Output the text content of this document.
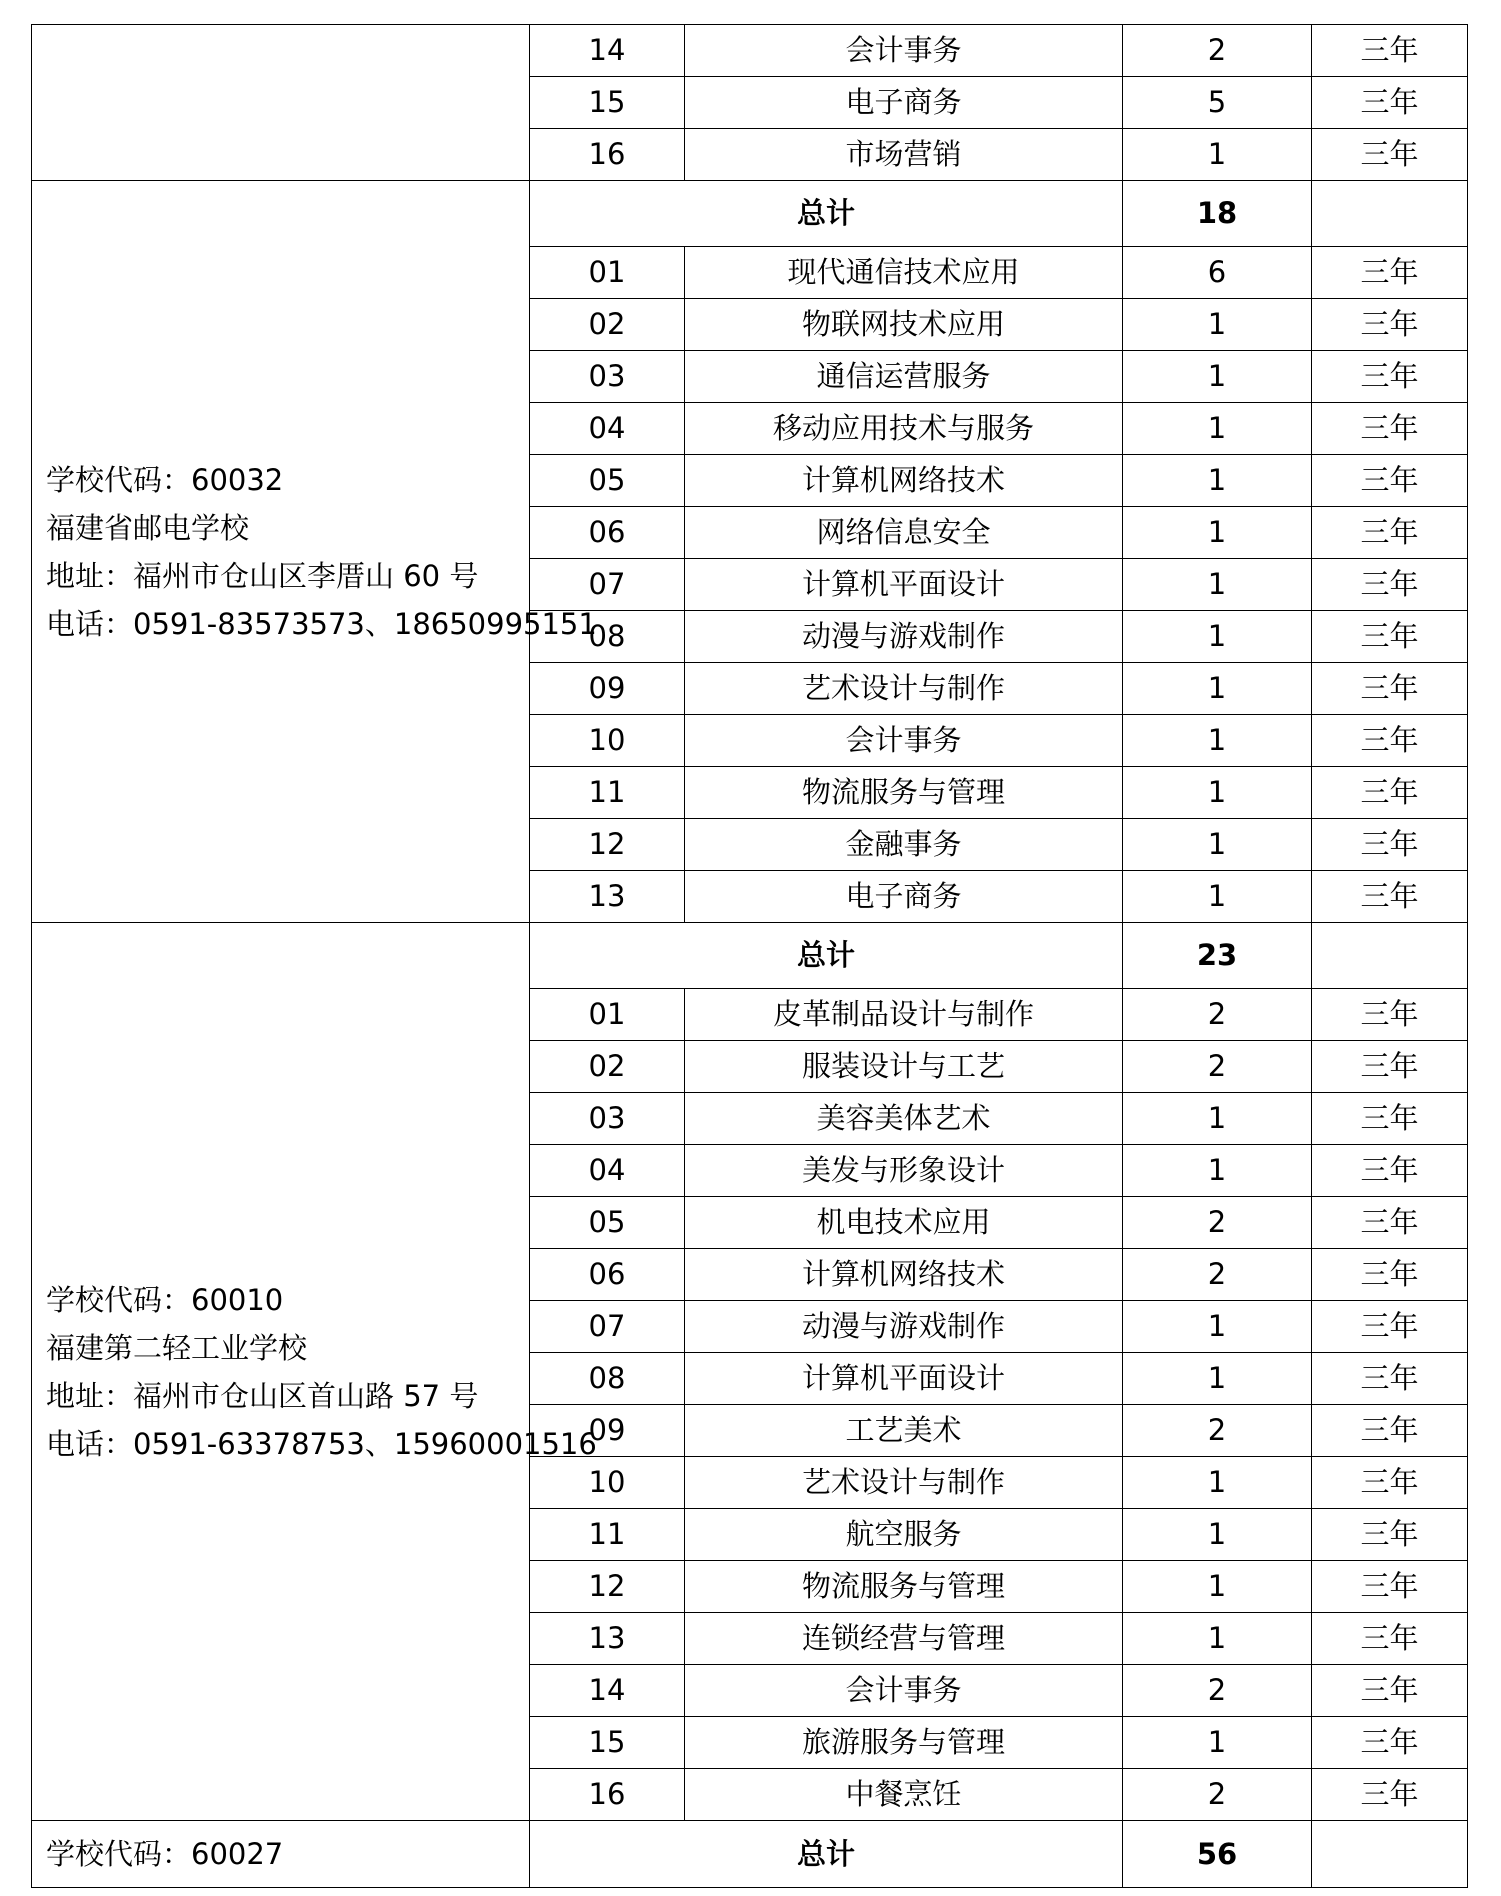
	14	会计事务	2	三年
	15	电子商务	5	三年
	16	市场营销	1	三年

学校代码：60032
福建省邮电学校
地址：福州市仓山区李厝山 60 号
电话：0591-83573573、18650995151	总计		18	
	01	现代通信技术应用	6	三年
	02	物联网技术应用	1	三年
	03	通信运营服务	1	三年
	04	移动应用技术与服务	1	三年
	05	计算机网络技术	1	三年
	06	网络信息安全	1	三年
	07	计算机平面设计	1	三年
	08	动漫与游戏制作	1	三年
	09	艺术设计与制作	1	三年
	10	会计事务	1	三年
	11	物流服务与管理	1	三年
	12	金融事务	1	三年
	13	电子商务	1	三年

学校代码：60010
福建第二轻工业学校
地址：福州市仓山区首山路 57 号
电话：0591-63378753、15960001516	总计		23	
	01	皮革制品设计与制作	2	三年
	02	服装设计与工艺	2	三年
	03	美容美体艺术	1	三年
	04	美发与形象设计	1	三年
	05	机电技术应用	2	三年
	06	计算机网络技术	2	三年
	07	动漫与游戏制作	1	三年
	08	计算机平面设计	1	三年
	09	工艺美术	2	三年
	10	艺术设计与制作	1	三年
	11	航空服务	1	三年
	12	物流服务与管理	1	三年
	13	连锁经营与管理	1	三年
	14	会计事务	2	三年
	15	旅游服务与管理	1	三年
	16	中餐烹饪	2	三年

学校代码：60027	总计		56	
